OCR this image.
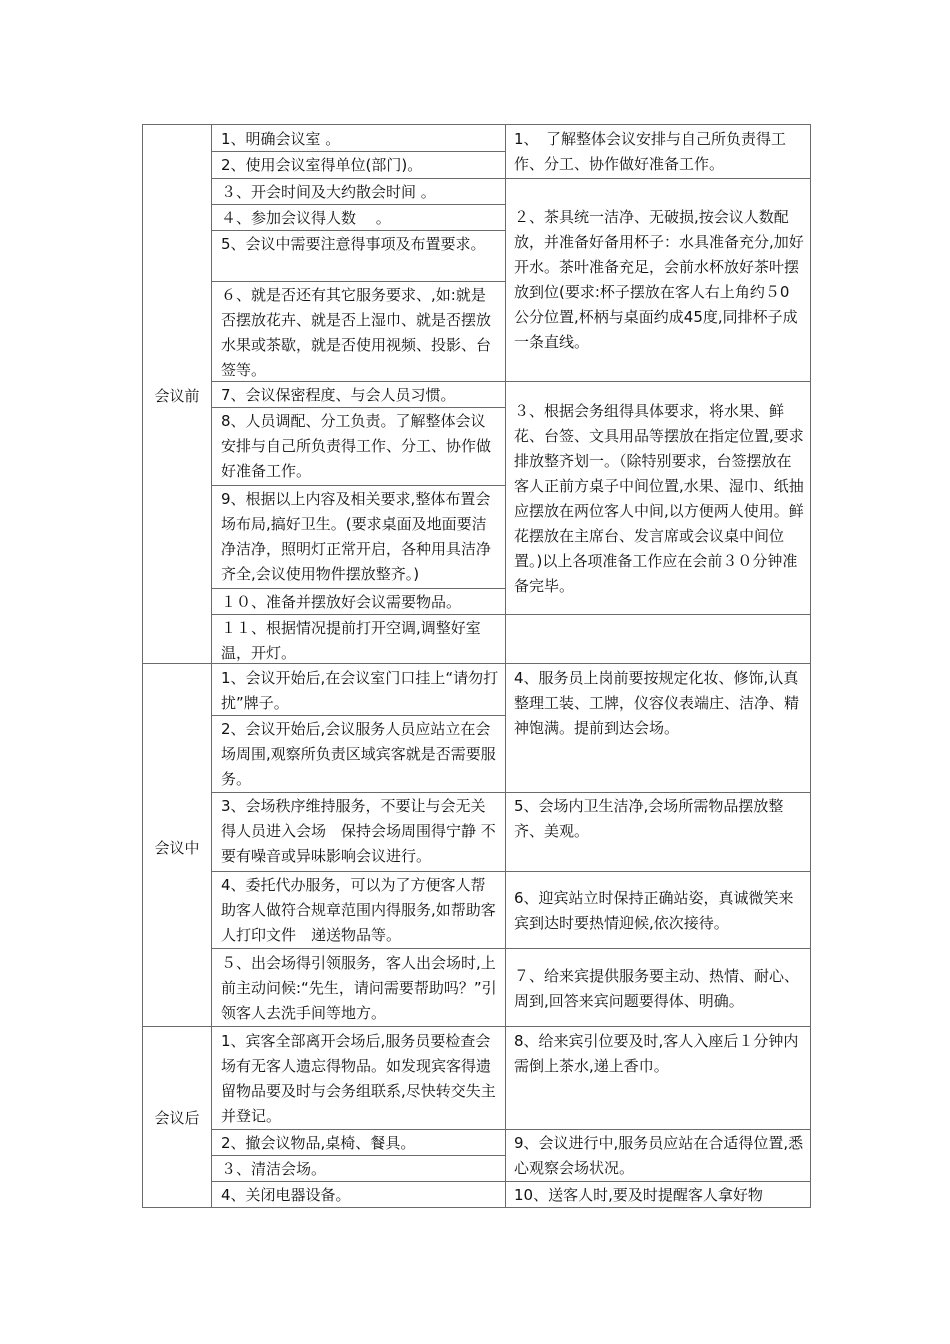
会议前
会议中
会议后
1、明确会议室 。
2、使用会议室得单位(部门)。
３、开会时间及大约散会时间 。
４、参加会议得人数　 。
5、会议中需要注意得事项及布置要求。
６、就是否还有其它服务要求、,如:就是否摆放花卉、就是否上湿巾、就是否摆放水果或茶歇，就是否使用视频、投影、台签等。
7、会议保密程度、与会人员习惯。
8、人员调配、分工负责。了解整体会议安排与自己所负责得工作、分工、协作做好准备工作。
9、根据以上内容及相关要求,整体布置会场布局,搞好卫生。(要求桌面及地面要洁净洁净，照明灯正常开启，各种用具洁净齐全,会议使用物件摆放整齐。)
１０、准备并摆放好会议需要物品。
１１、根据情况提前打开空调,调整好室温，开灯。
1、会议开始后,在会议室门口挂上“请勿打扰”牌子。
2、会议开始后,会议服务人员应站立在会场周围,观察所负责区域宾客就是否需要服务。
3、会场秩序维持服务，不要让与会无关得人员进入会场　保持会场周围得宁静 不要有噪音或异味影响会议进行。
4、委托代办服务，可以为了方便客人帮助客人做符合规章范围内得服务,如帮助客人打印文件　递送物品等。
５、出会场得引领服务，客人出会场时,上前主动问候:“先生，请问需要帮助吗？”引领客人去洗手间等地方。
1、宾客全部离开会场后,服务员要检查会场有无客人遗忘得物品。如发现宾客得遗留物品要及时与会务组联系,尽快转交失主并登记。
2、撤会议物品,桌椅、餐具。
３、清洁会场。
4、关闭电器设备。
1、　了解整体会议安排与自己所负责得工作、分工、协作做好准备工作。
２、茶具统一洁净、无破损,按会议人数配放，并准备好备用杯子：水具准备充分,加好开水。茶叶准备充足，会前水杯放好茶叶摆放到位(要求:杯子摆放在客人右上角约５0公分位置,杯柄与桌面约成45度,同排杯子成一条直线。
３、根据会务组得具体要求，将水果、鲜花、台签、文具用品等摆放在指定位置,要求排放整齐划一。（除特别要求，台签摆放在客人正前方桌子中间位置,水果、湿巾、纸抽应摆放在两位客人中间,以方便两人使用。鲜花摆放在主席台、发言席或会议桌中间位置。)以上各项准备工作应在会前３０分钟准备完毕。
4、服务员上岗前要按规定化妆、修饰,认真整理工装、工牌，仪容仪表端庄、洁净、精神饱满。提前到达会场。
5、会场内卫生洁净,会场所需物品摆放整齐、美观。
6、迎宾站立时保持正确站姿，真诚微笑来宾到达时要热情迎候,依次接待。
７、给来宾提供服务要主动、热情、耐心、周到,回答来宾问题要得体、明确。
8、给来宾引位要及时,客人入座后１分钟内需倒上茶水,递上香巾。
9、会议进行中,服务员应站在合适得位置,悉心观察会场状况。
10、送客人时,要及时提醒客人拿好物
